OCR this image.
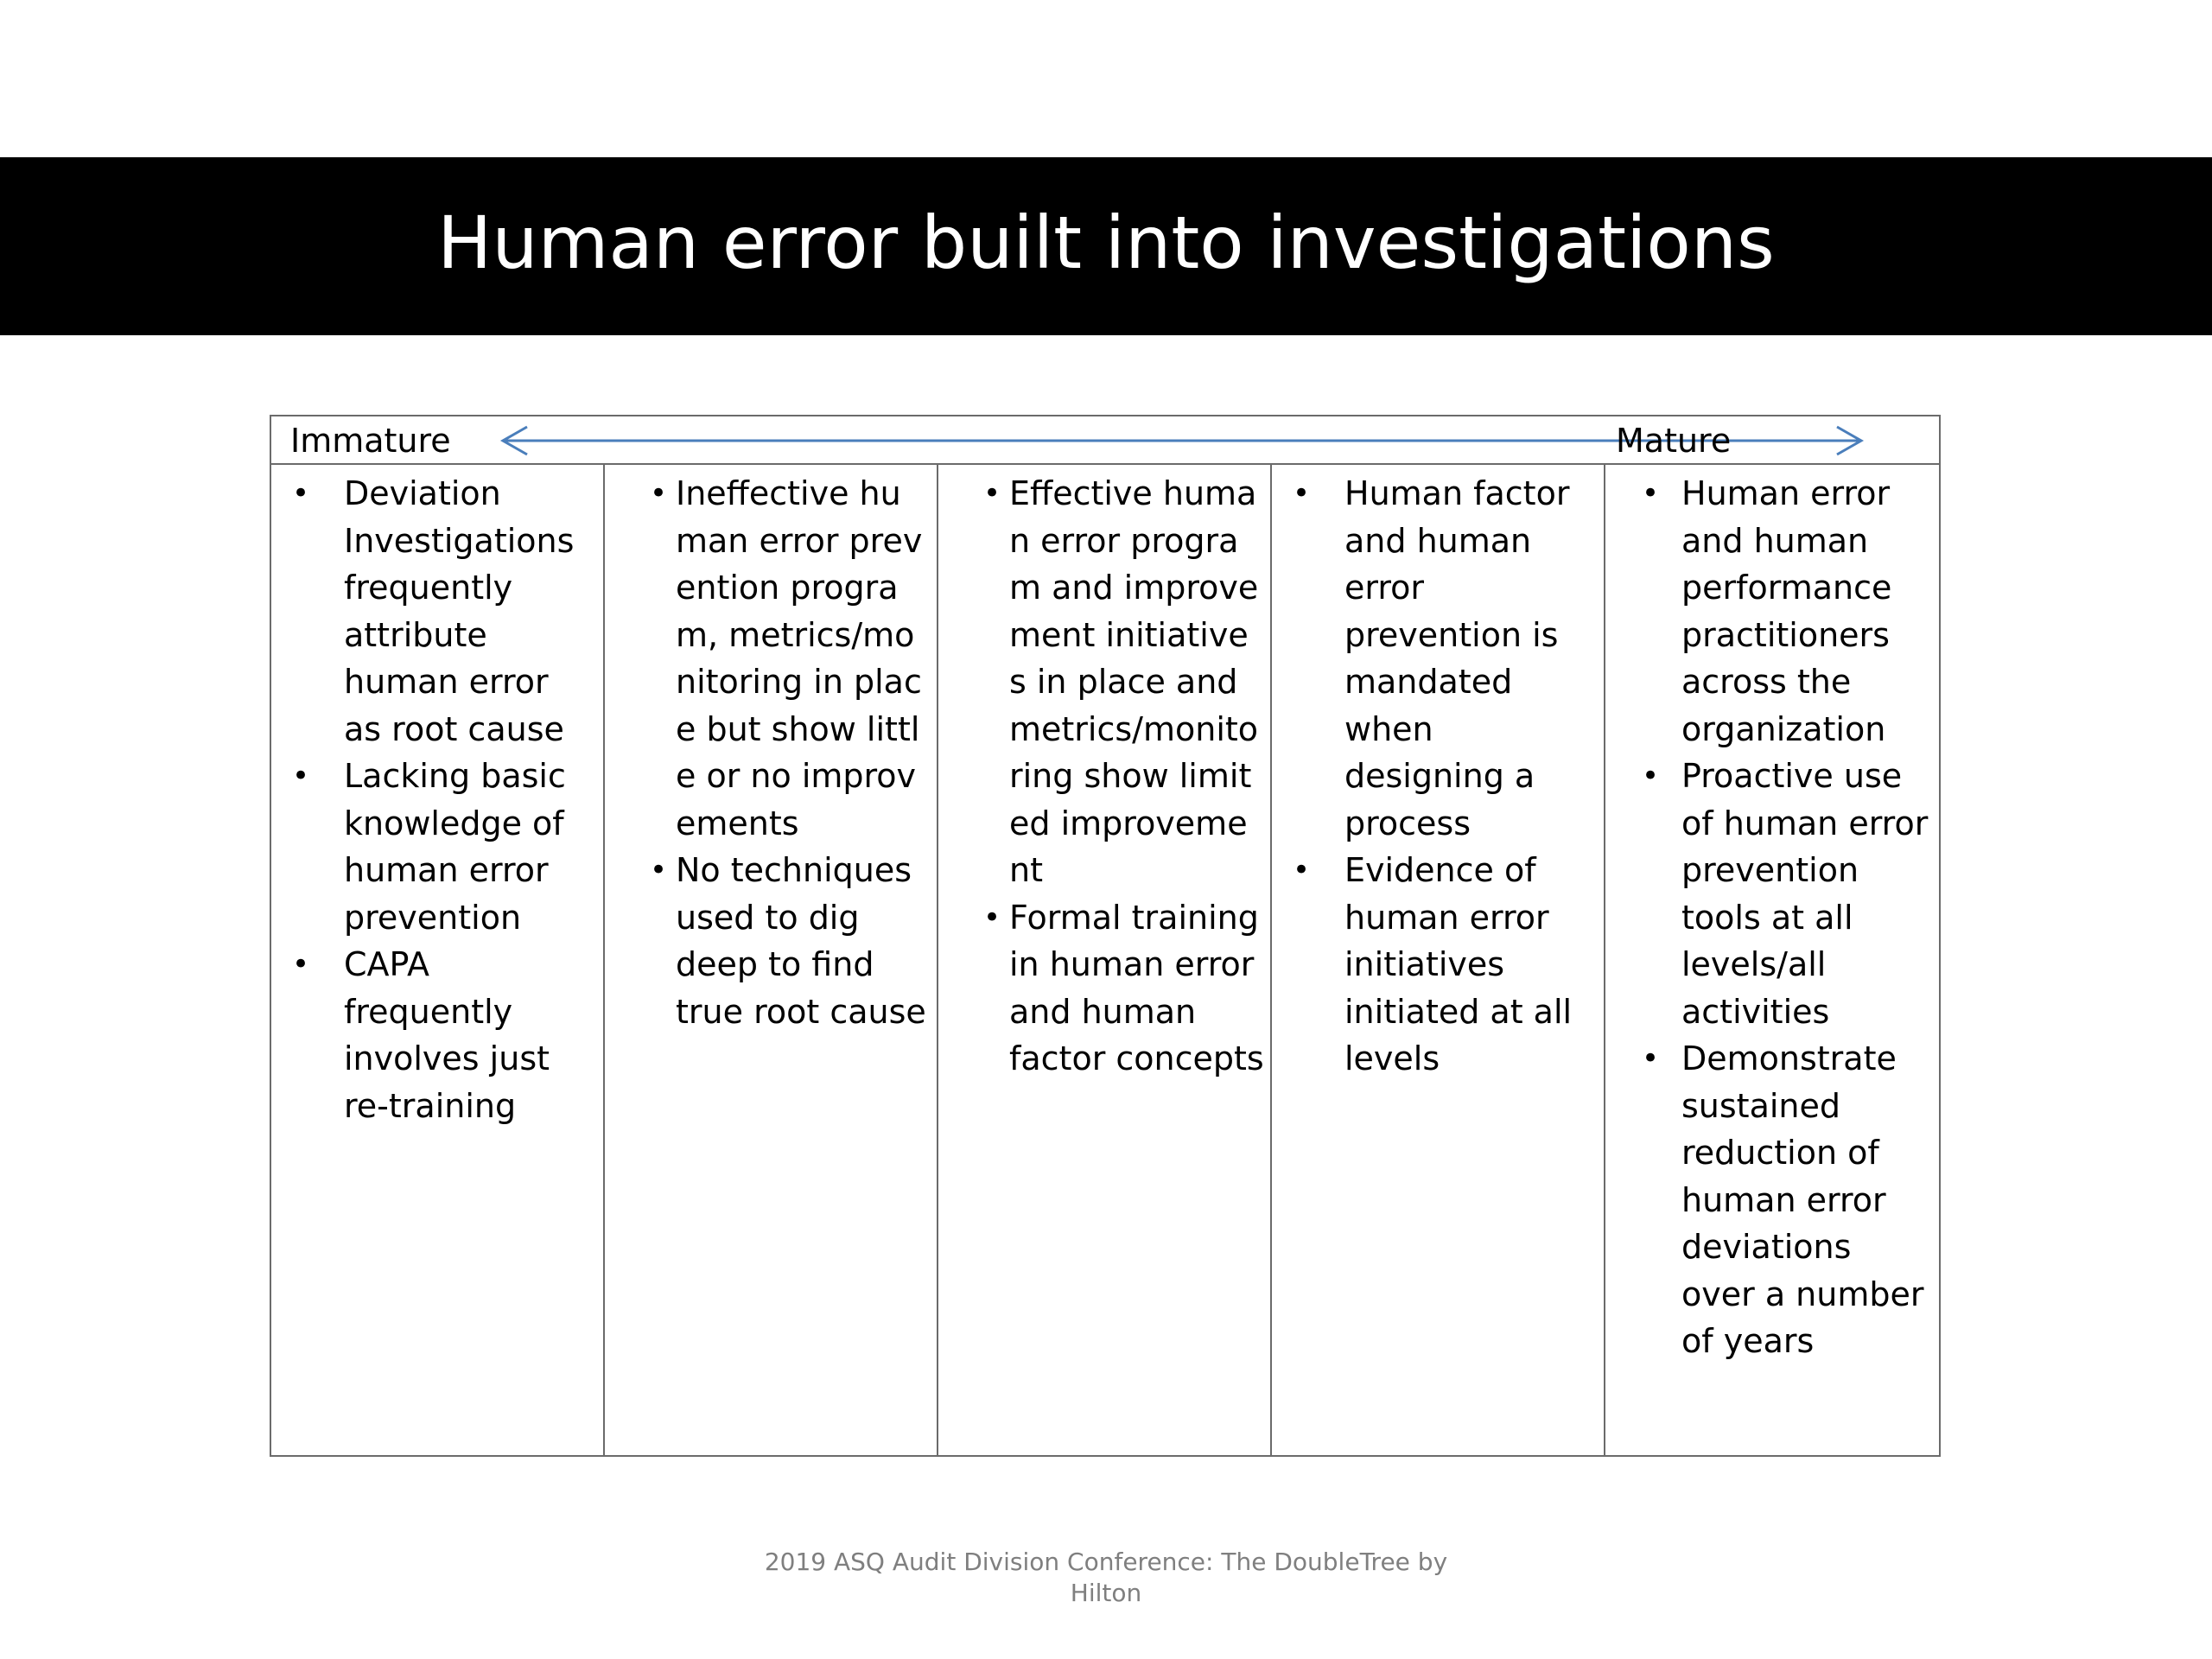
Human error built into investigations
Immature	Mature
• Deviation Investigations frequently attribute human error as root cause
• Lacking basic knowledge of human error prevention
• CAPA frequently involves just re-training
• Ineffective human error prevention program, metrics/monitoring in place but show little or no improvements
• No techniques used to dig deep to find true root cause
• Effective human error program and improvement initiatives in place and metrics/monitoring show limited improvement
• Formal training in human error and human factor concepts
• Human factor and human error prevention is mandated when designing a process
• Evidence of human error initiatives initiated at all levels
• Human error and human performance practitioners across the organization
• Proactive use of human error prevention tools at all levels/all activities
• Demonstrate sustained reduction of human error deviations over a number of years
2019 ASQ Audit Division Conference: The DoubleTree by Hilton
